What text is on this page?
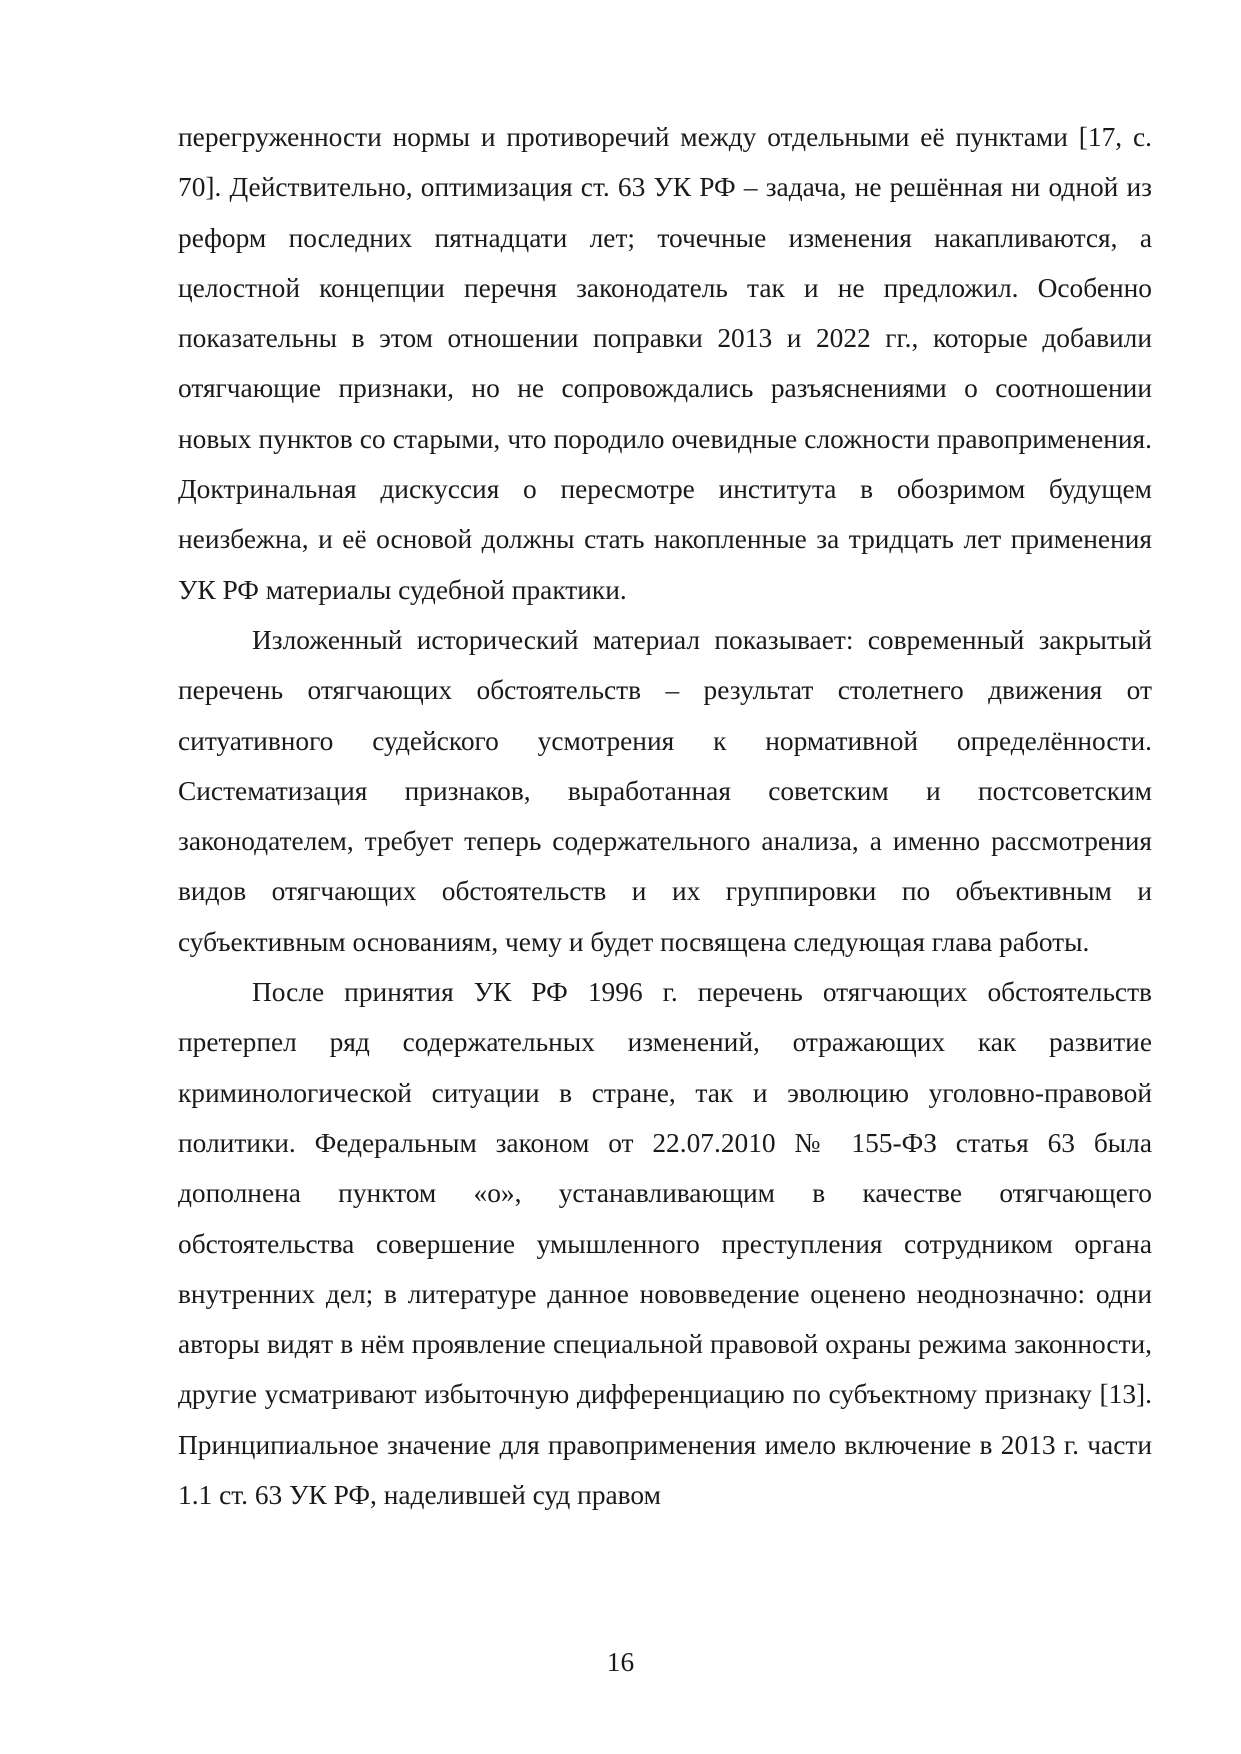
перегруженности нормы и противоречий между отдельными её пунктами [17, с. 70]. Действительно, оптимизация ст. 63 УК РФ – задача, не решённая ни одной из реформ последних пятнадцати лет; точечные изменения накапливаются, а целостной концепции перечня законодатель так и не предложил. Особенно показательны в этом отношении поправки 2013 и 2022 гг., которые добавили отягчающие признаки, но не сопровождались разъяснениями о соотношении новых пунктов со старыми, что породило очевидные сложности правоприменения. Доктринальная дискуссия о пересмотре института в обозримом будущем неизбежна, и её основой должны стать накопленные за тридцать лет применения УК РФ материалы судебной практики.

Изложенный исторический материал показывает: современный закрытый перечень отягчающих обстоятельств – результат столетнего движения от ситуативного судейского усмотрения к нормативной определённости. Систематизация признаков, выработанная советским и постсоветским законодателем, требует теперь содержательного анализа, а именно рассмотрения видов отягчающих обстоятельств и их группировки по объективным и субъективным основаниям, чему и будет посвящена следующая глава работы.

После принятия УК РФ 1996 г. перечень отягчающих обстоятельств претерпел ряд содержательных изменений, отражающих как развитие криминологической ситуации в стране, так и эволюцию уголовно-правовой политики. Федеральным законом от 22.07.2010 № 155-ФЗ статья 63 была дополнена пунктом «о», устанавливающим в качестве отягчающего обстоятельства совершение умышленного преступления сотрудником органа внутренних дел; в литературе данное нововведение оценено неоднозначно: одни авторы видят в нём проявление специальной правовой охраны режима законности, другие усматривают избыточную дифференциацию по субъектному признаку [13]. Принципиальное значение для правоприменения имело включение в 2013 г. части 1.1 ст. 63 УК РФ, наделившей суд правом

16
